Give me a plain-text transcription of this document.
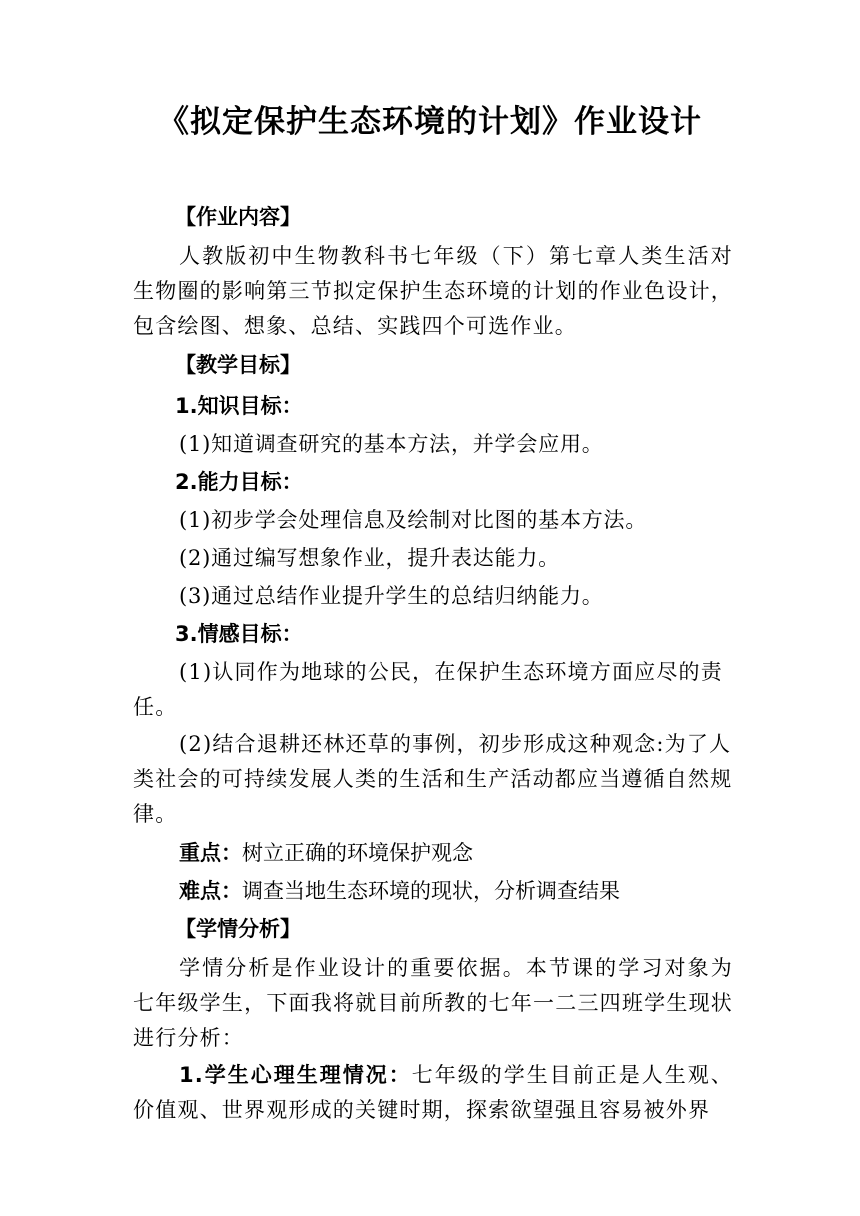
《拟定保护生态环境的计划》作业设计

【作业内容】

人教版初中生物教科书七年级（下）第七章人类生活对生物圈的影响第三节拟定保护生态环境的计划的作业色设计，包含绘图、想象、总结、实践四个可选作业。

【教学目标】

1.知识目标：

(1)知道调查研究的基本方法，并学会应用。

2.能力目标：

(1)初步学会处理信息及绘制对比图的基本方法。

(2)通过编写想象作业，提升表达能力。

(3)通过总结作业提升学生的总结归纳能力。

3.情感目标：

(1)认同作为地球的公民，在保护生态环境方面应尽的责任。

(2)结合退耕还林还草的事例，初步形成这种观念:为了人类社会的可持续发展人类的生活和生产活动都应当遵循自然规律。

重点：树立正确的环境保护观念

难点：调查当地生态环境的现状，分析调查结果

【学情分析】

学情分析是作业设计的重要依据。本节课的学习对象为七年级学生，下面我将就目前所教的七年一二三四班学生现状进行分析：

1.学生心理生理情况：七年级的学生目前正是人生观、价值观、世界观形成的关键时期，探索欲望强且容易被外界
